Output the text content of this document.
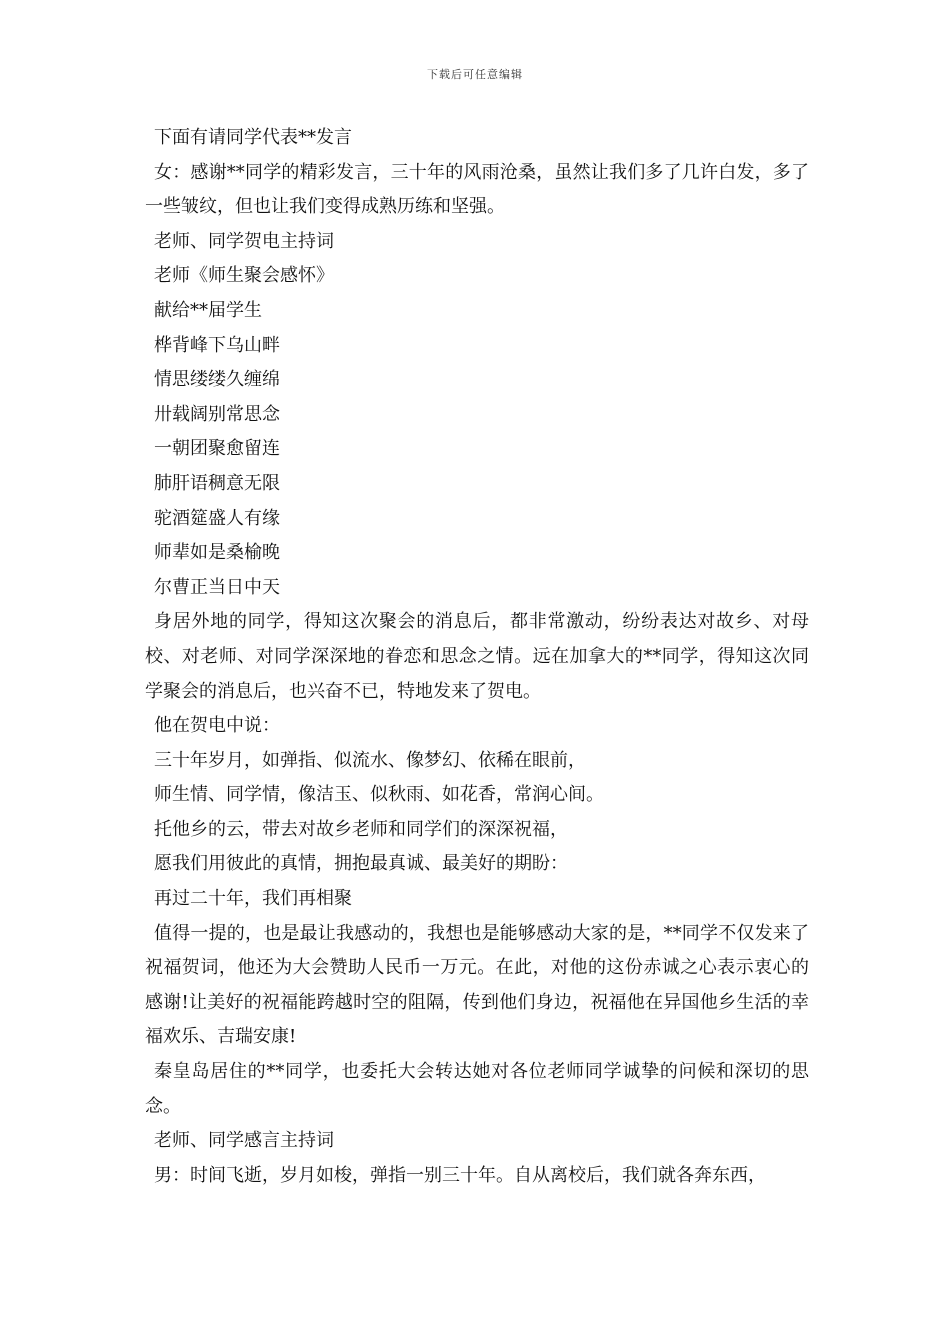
下载后可任意编辑

下面有请同学代表**发言

女：感谢**同学的精彩发言，三十年的风雨沧桑，虽然让我们多了几许白发，多了一些皱纹，但也让我们变得成熟历练和坚强。

老师、同学贺电主持词

老师《师生聚会感怀》

献给**届学生

桦背峰下乌山畔

情思缕缕久缠绵

卅载阔别常思念

一朝团聚愈留连

肺肝语稠意无限

驼酒筵盛人有缘

师辈如是桑榆晚

尔曹正当日中天

身居外地的同学，得知这次聚会的消息后，都非常激动，纷纷表达对故乡、对母校、对老师、对同学深深地的眷恋和思念之情。远在加拿大的**同学，得知这次同学聚会的消息后，也兴奋不已，特地发来了贺电。

他在贺电中说：

三十年岁月，如弹指、似流水、像梦幻、依稀在眼前，

师生情、同学情，像洁玉、似秋雨、如花香，常润心间。

托他乡的云，带去对故乡老师和同学们的深深祝福，

愿我们用彼此的真情，拥抱最真诚、最美好的期盼：

再过二十年，我们再相聚

值得一提的，也是最让我感动的，我想也是能够感动大家的是，**同学不仅发来了祝福贺词，他还为大会赞助人民币一万元。在此，对他的这份赤诚之心表示衷心的感谢!让美好的祝福能跨越时空的阻隔，传到他们身边，祝福他在异国他乡生活的幸福欢乐、吉瑞安康!

秦皇岛居住的**同学，也委托大会转达她对各位老师同学诚挚的问候和深切的思念。

老师、同学感言主持词

男：时间飞逝，岁月如梭，弹指一别三十年。自从离校后，我们就各奔东西，
